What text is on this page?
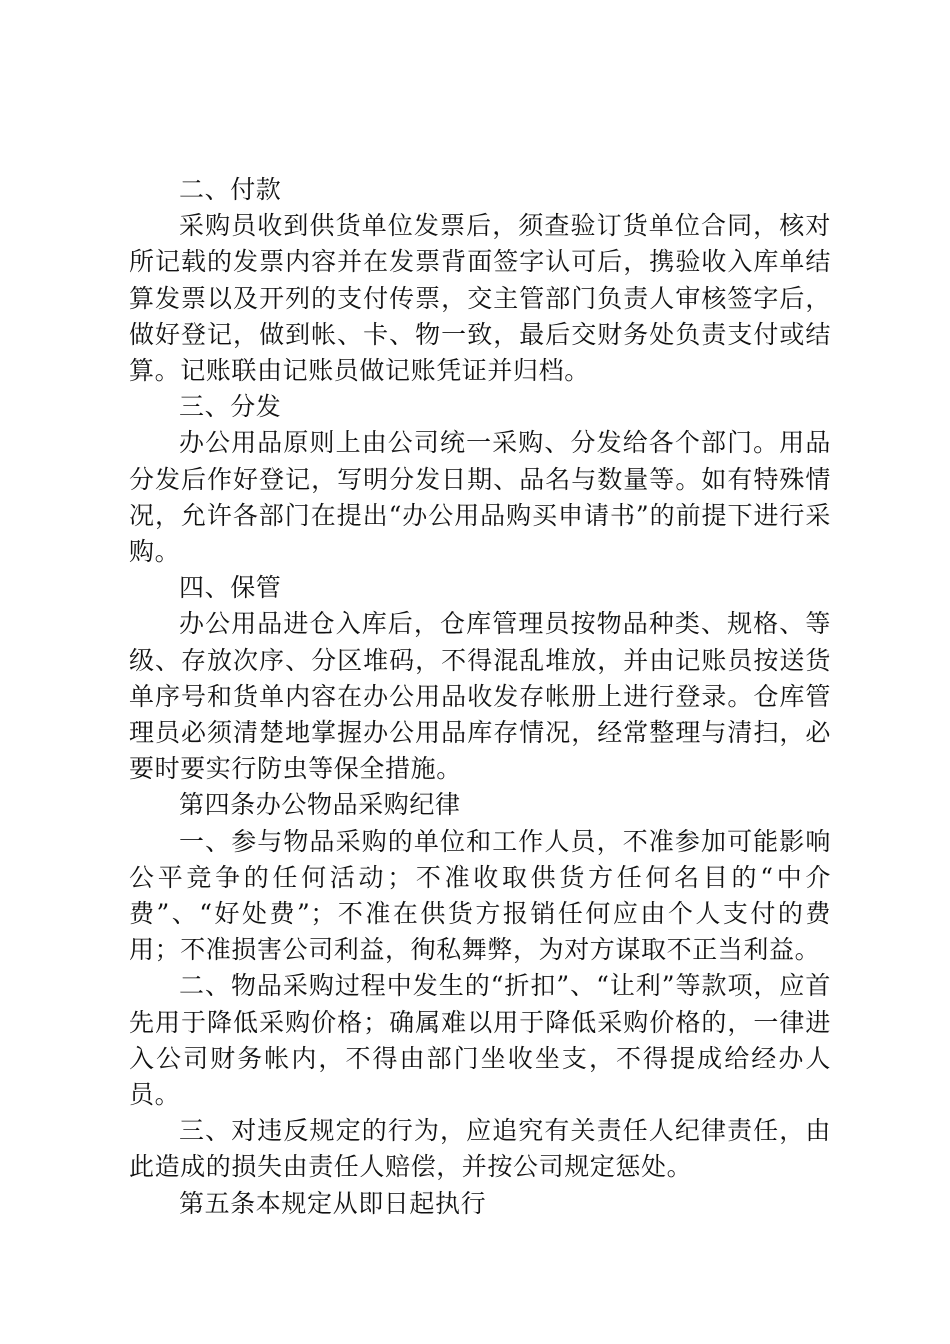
二、付款

采购员收到供货单位发票后，须查验订货单位合同，核对所记载的发票内容并在发票背面签字认可后，携验收入库单结算发票以及开列的支付传票，交主管部门负责人审核签字后，做好登记，做到帐、卡、物一致，最后交财务处负责支付或结算。记账联由记账员做记账凭证并归档。

三、分发

办公用品原则上由公司统一采购、分发给各个部门。用品分发后作好登记，写明分发日期、品名与数量等。如有特殊情况，允许各部门在提出“办公用品购买申请书”的前提下进行采购。

四、保管

办公用品进仓入库后，仓库管理员按物品种类、规格、等级、存放次序、分区堆码，不得混乱堆放，并由记账员按送货单序号和货单内容在办公用品收发存帐册上进行登录。仓库管理员必须清楚地掌握办公用品库存情况，经常整理与清扫，必要时要实行防虫等保全措施。

第四条办公物品采购纪律

一、参与物品采购的单位和工作人员，不准参加可能影响公平竞争的任何活动；不准收取供货方任何名目的“中介费”、“好处费”；不准在供货方报销任何应由个人支付的费用；不准损害公司利益，徇私舞弊，为对方谋取不正当利益。

二、物品采购过程中发生的“折扣”、“让利”等款项，应首先用于降低采购价格；确属难以用于降低采购价格的，一律进入公司财务帐内，不得由部门坐收坐支，不得提成给经办人员。

三、对违反规定的行为，应追究有关责任人纪律责任，由此造成的损失由责任人赔偿，并按公司规定惩处。

第五条本规定从即日起执行
